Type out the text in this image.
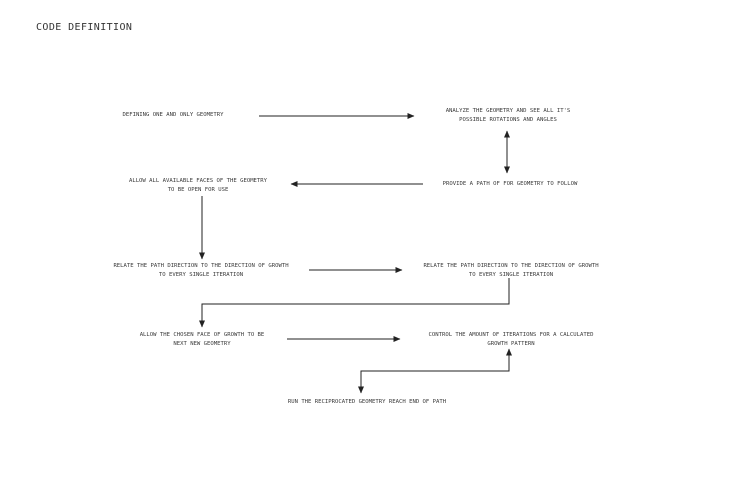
CODE DEFINITION
DEFINING ONE AND ONLY GEOMETRY
ANALYZE THE GEOMETRY AND SEE ALL IT'S
POSSIBLE ROTATIONS AND ANGLES
PROVIDE A PATH OF FOR GEOMETRY TO FOLLOW
ALLOW ALL AVAILABLE FACES OF THE GEOMETRY
TO BE OPEN FOR USE
RELATE THE PATH DIRECTION TO THE DIRECTION OF GROWTH
TO EVERY SINGLE ITERATION
RELATE THE PATH DIRECTION TO THE DIRECTION OF GROWTH
TO EVERY SINGLE ITERATION
ALLOW THE CHOSEN FACE OF GROWTH TO BE
NEXT NEW GEOMETRY
CONTROL THE AMOUNT OF ITERATIONS FOR A CALCULATED
GROWTH PATTERN
RUN THE RECIPROCATED GEOMETRY REACH END OF PATH
